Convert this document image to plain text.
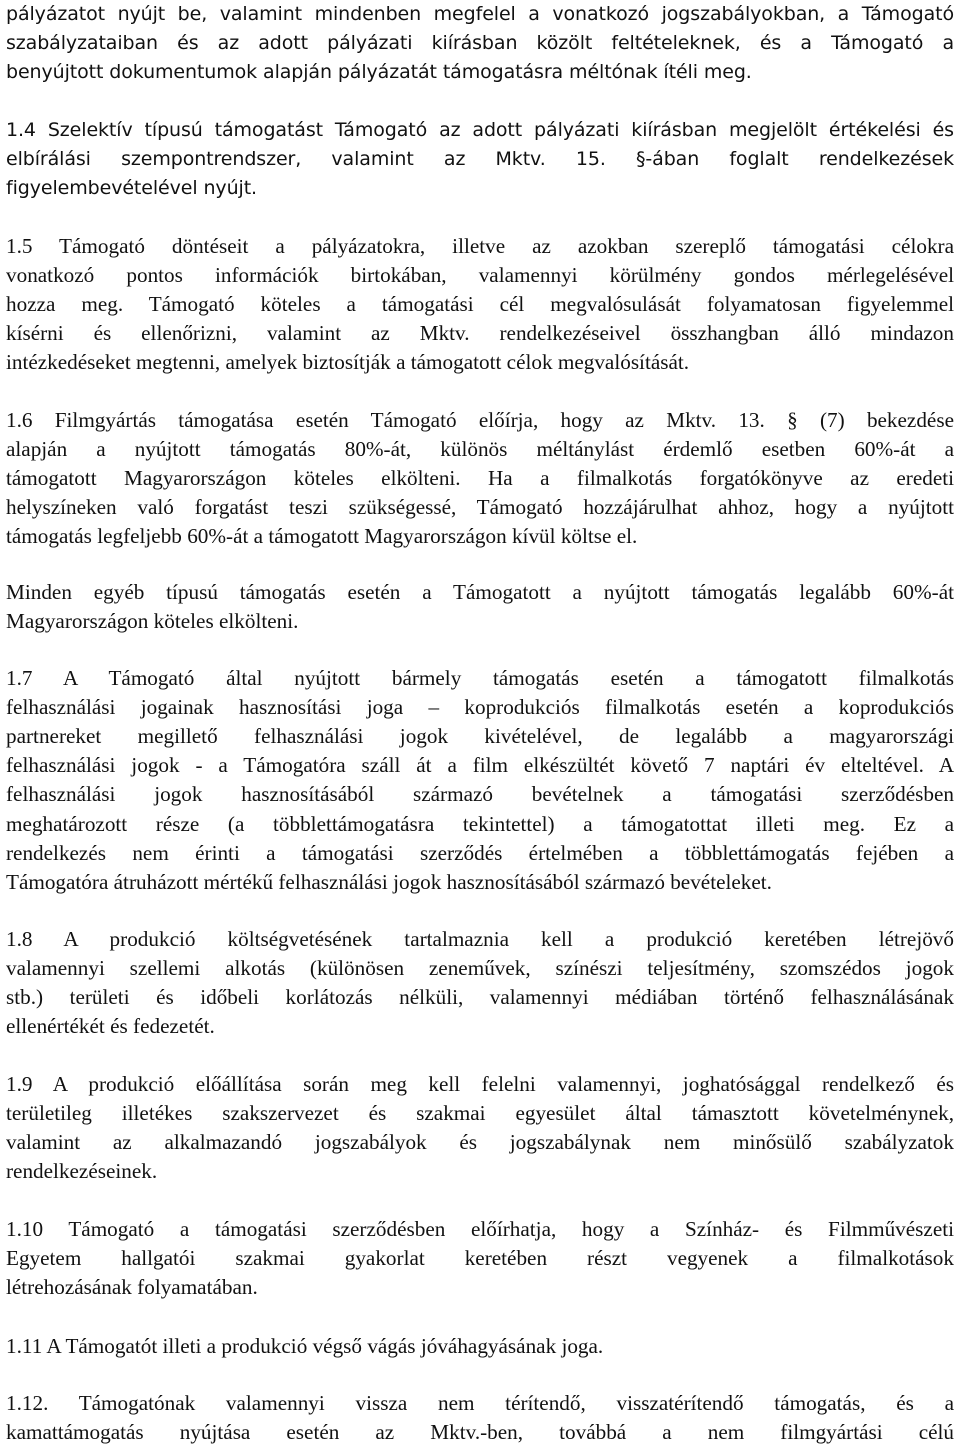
pályázatot nyújt be, valamint mindenben megfelel a vonatkozó jogszabályokban, a Támogató
szabályzataiban és az adott pályázati kiírásban közölt feltételeknek, és a Támogató a
benyújtott dokumentumok alapján pályázatát támogatásra méltónak ítéli meg.
1.4 Szelektív típusú támogatást Támogató az adott pályázati kiírásban megjelölt értékelési és
elbírálási szempontrendszer, valamint az Mktv. 15. §-ában foglalt rendelkezések
figyelembevételével nyújt.
1.5 Támogató döntéseit a pályázatokra, illetve az azokban szereplő támogatási célokra
vonatkozó pontos információk birtokában, valamennyi körülmény gondos mérlegelésével
hozza meg. Támogató köteles a támogatási cél megvalósulását folyamatosan figyelemmel
kísérni és ellenőrizni, valamint az Mktv. rendelkezéseivel összhangban álló mindazon
intézkedéseket megtenni, amelyek biztosítják a támogatott célok megvalósítását.
1.6 Filmgyártás támogatása esetén Támogató előírja, hogy az Mktv. 13. § (7) bekezdése
alapján a nyújtott támogatás 80%-át, különös méltánylást érdemlő esetben 60%-át a
támogatott Magyarországon köteles elkölteni. Ha a filmalkotás forgatókönyve az eredeti
helyszíneken való forgatást teszi szükségessé, Támogató hozzájárulhat ahhoz, hogy a nyújtott
támogatás legfeljebb 60%-át a támogatott Magyarországon kívül költse el.
Minden egyéb típusú támogatás esetén a Támogatott a nyújtott támogatás legalább 60%-át
Magyarországon köteles elkölteni.
1.7 A Támogató által nyújtott bármely támogatás esetén a támogatott filmalkotás
felhasználási jogainak hasznosítási joga – koprodukciós filmalkotás esetén a koprodukciós
partnereket megillető felhasználási jogok kivételével, de legalább a magyarországi
felhasználási jogok - a Támogatóra száll át a film elkészültét követő 7 naptári év elteltével. A
felhasználási jogok hasznosításából származó bevételnek a támogatási szerződésben
meghatározott része (a többlettámogatásra tekintettel) a támogatottat illeti meg. Ez a
rendelkezés nem érinti a támogatási szerződés értelmében a többlettámogatás fejében a
Támogatóra átruházott mértékű felhasználási jogok hasznosításából származó bevételeket.
1.8 A produkció költségvetésének tartalmaznia kell a produkció keretében létrejövő
valamennyi szellemi alkotás (különösen zeneművek, színészi teljesítmény, szomszédos jogok
stb.) területi és időbeli korlátozás nélküli, valamennyi médiában történő felhasználásának
ellenértékét és fedezetét.
1.9 A produkció előállítása során meg kell felelni valamennyi, joghatósággal rendelkező és
területileg illetékes szakszervezet és szakmai egyesület által támasztott követelménynek,
valamint az alkalmazandó jogszabályok és jogszabálynak nem minősülő szabályzatok
rendelkezéseinek.
1.10 Támogató a támogatási szerződésben előírhatja, hogy a Színház- és Filmművészeti
Egyetem hallgatói szakmai gyakorlat keretében részt vegyenek a filmalkotások
létrehozásának folyamatában.
1.11 A Támogatót illeti a produkció végső vágás jóváhagyásának joga.
1.12. Támogatónak valamennyi vissza nem térítendő, visszatérítendő támogatás, és a
kamattámogatás nyújtása esetén az Mktv.-ben, továbbá a nem filmgyártási célú
